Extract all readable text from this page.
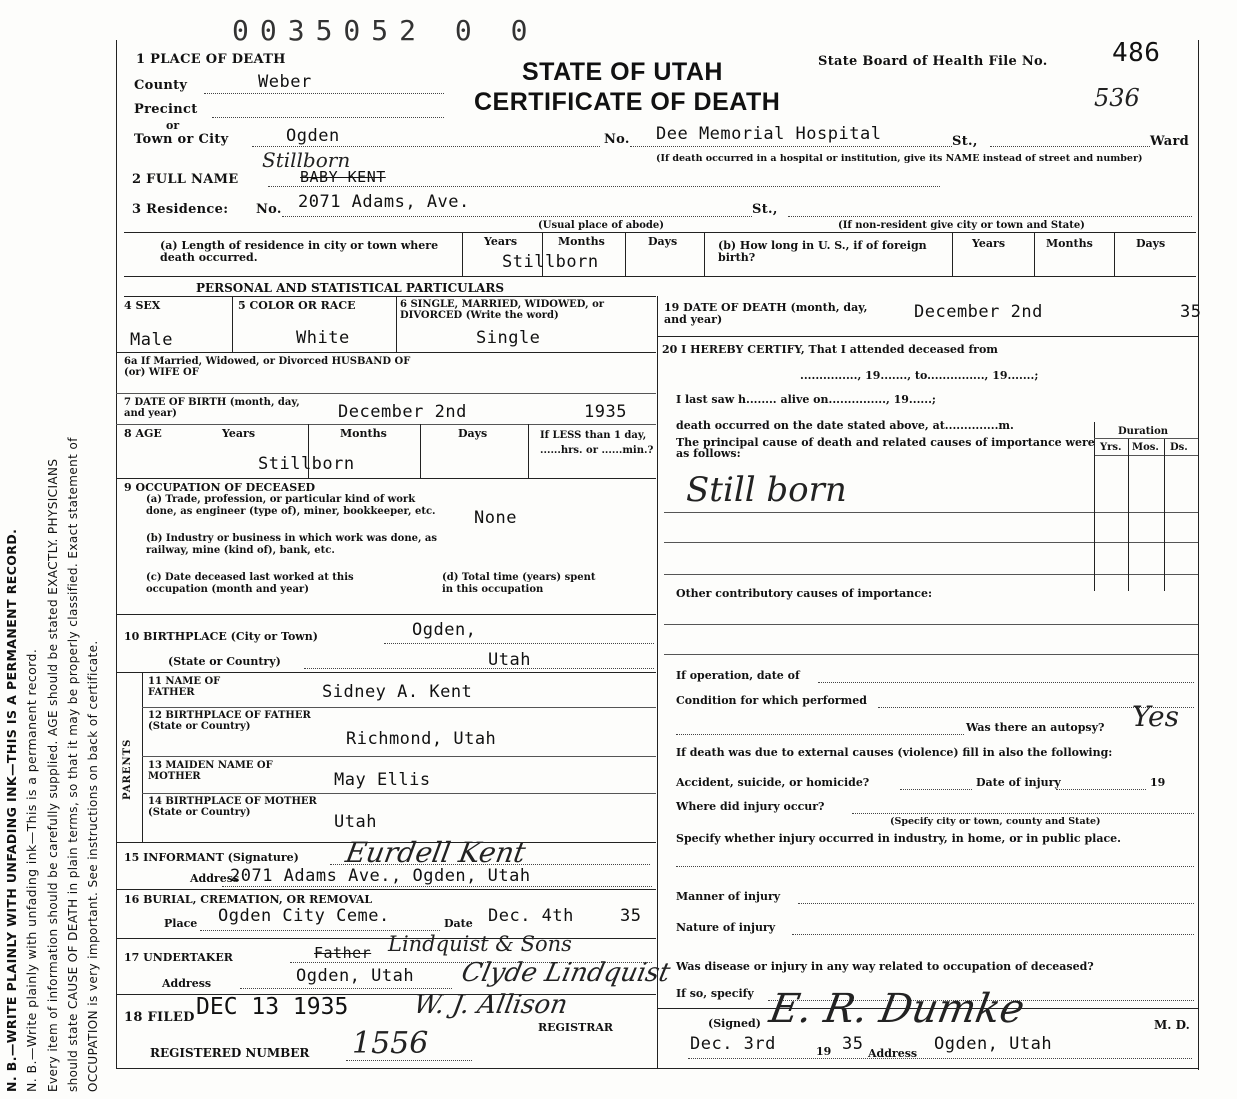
0035052 0 0
N. B.—WRITE PLAINLY WITH UNFADING INK—THIS IS A PERMANENT RECORD. N. B.—Write plainly with unfading ink—This is a permanent record. Every item of information should be carefully supplied. AGE should be stated EXACTLY. PHYSICIANS should state CAUSE OF DEATH in plain terms, so that it may be properly classified. Exact statement of OCCUPATION is very important. See instructions on back of certificate.
1 PLACE OF DEATH	STATE OF UTAH
CERTIFICATE OF DEATH
State Board of Health File No. 486
536
County	Weber
Precinct
or
Town or City	Ogden	No. Dee Memorial Hospital	St.,	Ward
(If death occurred in a hospital or institution, give its NAME instead of street and number)
Stillborn
2 FULL NAME	BABY KENT
3 Residence: No. 2071 Adams, Ave.	St.,
(Usual place of abode)	(If non-resident give city or town and State)
(a) Length of residence in city or town where death occurred.
Years	Months	Days
Stillborn
(b) How long in U. S., if of foreign birth?
Years	Months	Days
PERSONAL AND STATISTICAL PARTICULARS
4 SEX	5 COLOR OR RACE	6 SINGLE, MARRIED, WIDOWED, or DIVORCED (Write the word)
Male	White	Single
6a If Married, Widowed, or Divorced HUSBAND OF (or) WIFE OF
7 DATE OF BIRTH (month, day, and year)	December 2nd	1935
8 AGE	Years	Months	Days	If LESS than 1 day, ......hrs. or ......min.?
Stillborn
9 OCCUPATION OF DECEASED
(a) Trade, profession, or particular kind of work done, as engineer (type of), miner, bookkeeper, etc.	None
(b) Industry or business in which work was done, as railway, mine (kind of), bank, etc.
(c) Date deceased last worked at this occupation (month and year)
(d) Total time (years) spent in this occupation
10 BIRTHPLACE (City or Town)	Ogden,
(State or Country)	Utah
PARENTS
11 NAME OF FATHER	Sidney A. Kent
12 BIRTHPLACE OF FATHER (State or Country)
Richmond, Utah
13 MAIDEN NAME OF MOTHER	May Ellis
14 BIRTHPLACE OF MOTHER (State or Country)	Utah
15 INFORMANT (Signature) Eurdell Kent
Address
2071 Adams Ave., Ogden, Utah
16 BURIAL, CREMATION, OR REMOVAL
Place Ogden City Ceme.	Date Dec. 4th	35
17 UNDERTAKER	Father Lindquist & Sons
Address	Ogden, Utah Clyde Lindquist
18 FILED DEC 13 1935 W. J. Allison
REGISTRAR
REGISTERED NUMBER 1556
19 DATE OF DEATH (month, day, and year)	December 2nd	35
20 I HEREBY CERTIFY, That I attended deceased from
..............., 19......., to..............., 19.......;
I last saw h........ alive on..............., 19......;
death occurred on the date stated above, at..............m.
The principal cause of death and related causes of importance were as follows:
Duration
Yrs. Mos. Ds.
Still born
Other contributory causes of importance:
If operation, date of
Condition for which performed
Was there an autopsy? Yes
If death was due to external causes (violence) fill in also the following:
Accident, suicide, or homicide?	Date of injury	19
Where did injury occur?
(Specify city or town, county and State)
Specify whether injury occurred in industry, in home, or in public place.
Manner of injury
Nature of injury
Was disease or injury in any way related to occupation of deceased?
If so, specify
(Signed) E. R. Dumke	M. D.
Dec. 3rd	19 35 Address Ogden, Utah
